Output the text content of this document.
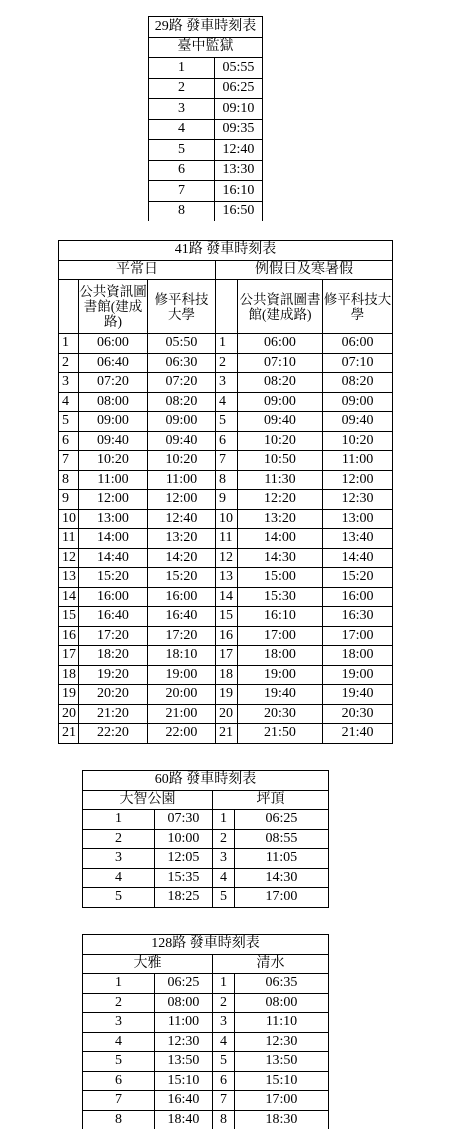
29路 發車時刻表	
臺中監獄	
1	05:55
2	06:25
3	09:10
4	09:35
5	12:40
6	13:30
7	16:10
8	16:50
41路 發車時刻表					
平常日			例假日及寒暑假		
	公共資訊圖書館(建成路)	修平科技大學		公共資訊圖書館(建成路)	修平科技大學
1	06:00	05:50	1	06:00	06:00
2	06:40	06:30	2	07:10	07:10
3	07:20	07:20	3	08:20	08:20
4	08:00	08:20	4	09:00	09:00
5	09:00	09:00	5	09:40	09:40
6	09:40	09:40	6	10:20	10:20
7	10:20	10:20	7	10:50	11:00
8	11:00	11:00	8	11:30	12:00
9	12:00	12:00	9	12:20	12:30
10	13:00	12:40	10	13:20	13:00
11	14:00	13:20	11	14:00	13:40
12	14:40	14:20	12	14:30	14:40
13	15:20	15:20	13	15:00	15:20
14	16:00	16:00	14	15:30	16:00
15	16:40	16:40	15	16:10	16:30
16	17:20	17:20	16	17:00	17:00
17	18:20	18:10	17	18:00	18:00
18	19:20	19:00	18	19:00	19:00
19	20:20	20:00	19	19:40	19:40
20	21:20	21:00	20	20:30	20:30
21	22:20	22:00	21	21:50	21:40
60路 發車時刻表			
大智公園		坪頂	
1	07:30	1	06:25
2	10:00	2	08:55
3	12:05	3	11:05
4	15:35	4	14:30
5	18:25	5	17:00
128路 發車時刻表			
大雅		清水	
1	06:25	1	06:35
2	08:00	2	08:00
3	11:00	3	11:10
4	12:30	4	12:30
5	13:50	5	13:50
6	15:10	6	15:10
7	16:40	7	17:00
8	18:40	8	18:30
